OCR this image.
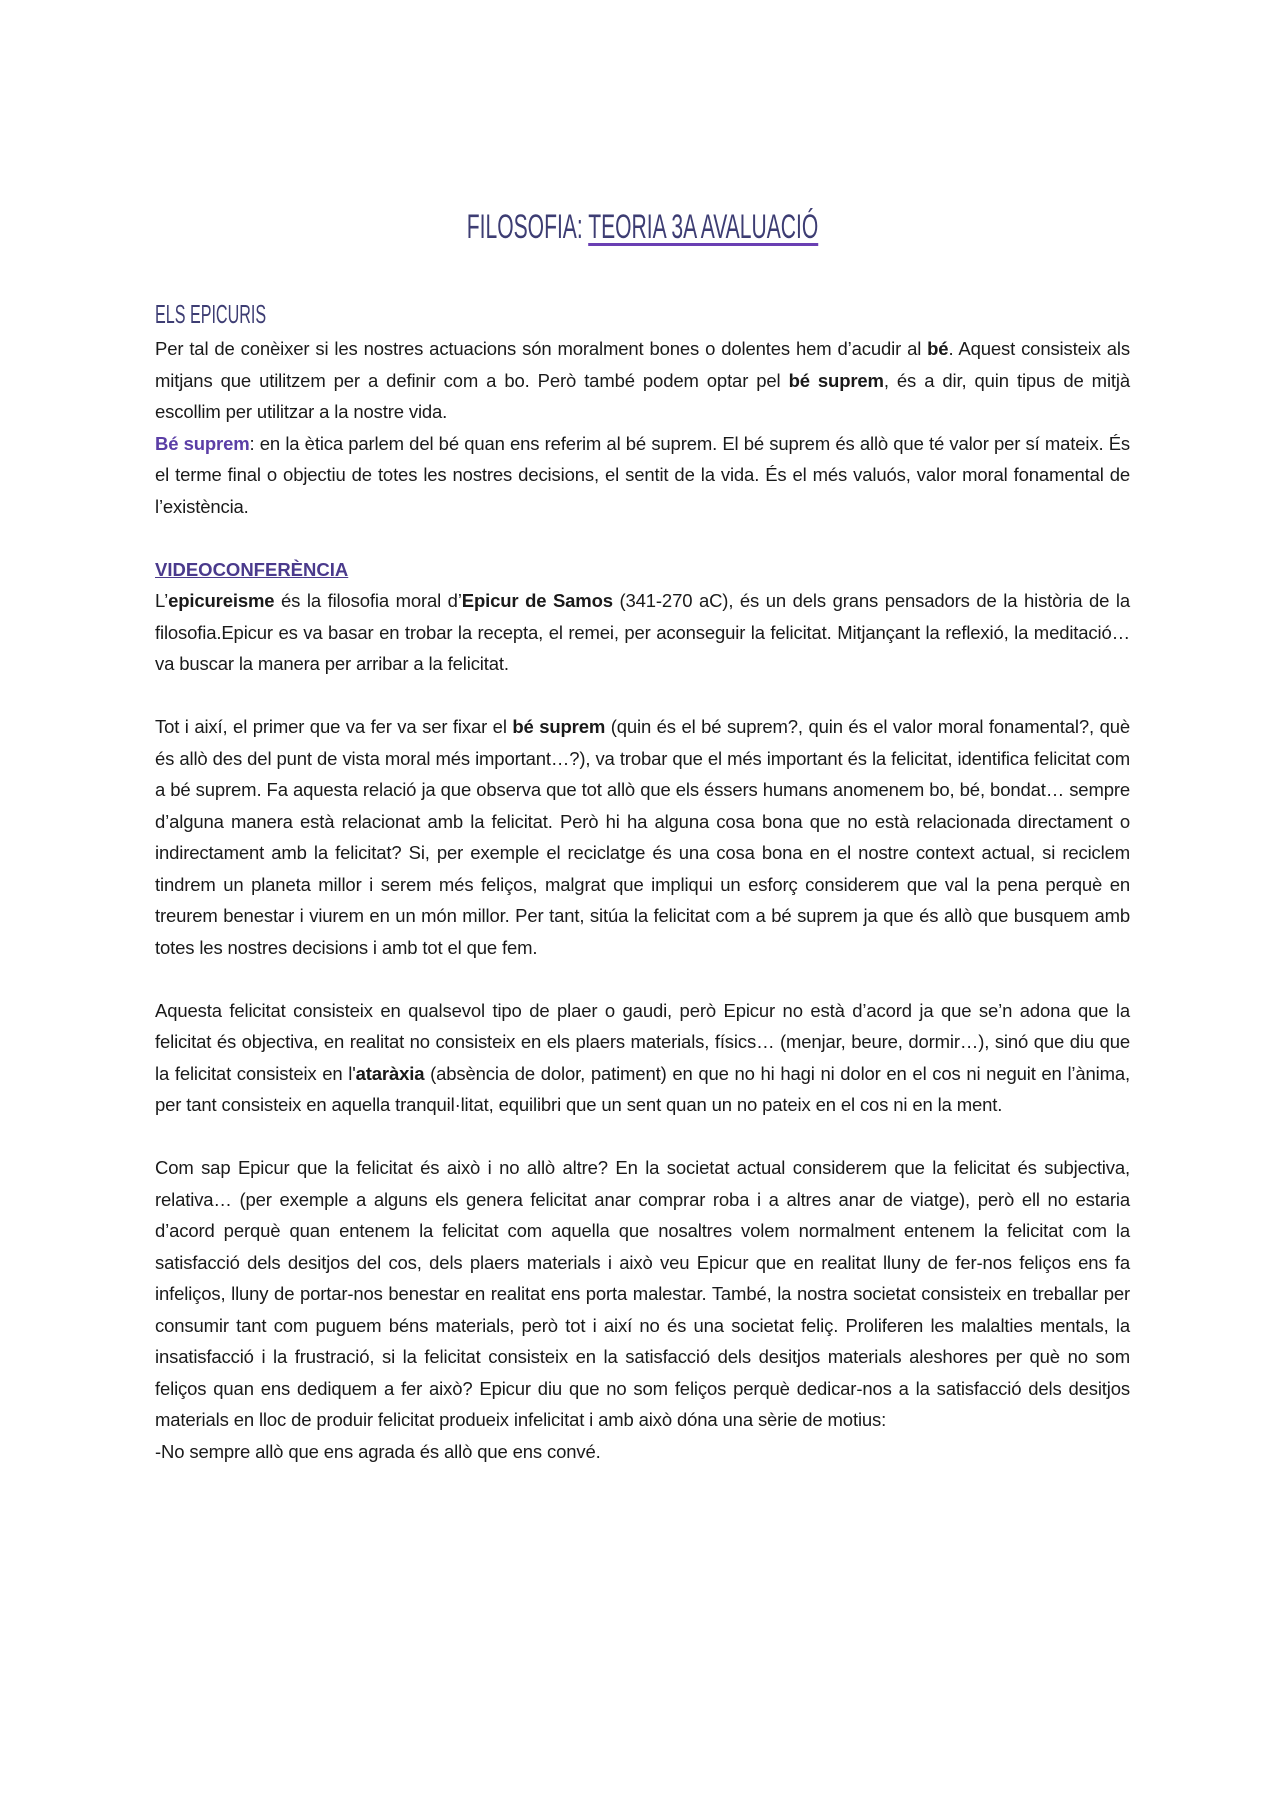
FILOSOFIA: TEORIA 3A AVALUACIÓ
ELS EPICURIS

Per tal de conèixer si les nostres actuacions són moralment bones o dolentes hem d’acudir al bé. Aquest consisteix als mitjans que utilitzem per a definir com a bo. Però també podem optar pel bé suprem, és a dir, quin tipus de mitjà escollim per utilitzar a la nostre vida.

Bé suprem: en la ètica parlem del bé quan ens referim al bé suprem. El bé suprem és allò que té valor per sí mateix. És el terme final o objectiu de totes les nostres decisions, el sentit de la vida. És el més valuós, valor moral fonamental de l’existència.

VIDEOCONFERÈNCIA

L’epicureisme és la filosofia moral d’Epicur de Samos (341-270 aC), és un dels grans pensadors de la història de la filosofia.Epicur es va basar en trobar la recepta, el remei, per aconseguir la felicitat. Mitjançant la reflexió, la meditació… va buscar la manera per arribar a la felicitat.

Tot i així, el primer que va fer va ser fixar el bé suprem (quin és el bé suprem?, quin és el valor moral fonamental?, què és allò des del punt de vista moral més important…?), va trobar que el més important és la felicitat, identifica felicitat com a bé suprem. Fa aquesta relació ja que observa que tot allò que els éssers humans anomenem bo, bé, bondat… sempre d’alguna manera està relacionat amb la felicitat. Però hi ha alguna cosa bona que no està relacionada directament o indirectament amb la felicitat? Si, per exemple el reciclatge és una cosa bona en el nostre context actual, si reciclem tindrem un planeta millor i serem més feliços, malgrat que impliqui un esforç considerem que val la pena perquè en treurem benestar i viurem en un món millor. Per tant, sitúa la felicitat com a bé suprem ja que és allò que busquem amb totes les nostres decisions i amb tot el que fem.

Aquesta felicitat consisteix en qualsevol tipo de plaer o gaudi, però Epicur no està d’acord ja que se’n adona que la felicitat és objectiva, en realitat no consisteix en els plaers materials, físics… (menjar, beure, dormir…), sinó que diu que la felicitat consisteix en l'ataràxia (absència de dolor, patiment) en que no hi hagi ni dolor en el cos ni neguit en l’ànima, per tant consisteix en aquella tranquil·litat, equilibri que un sent quan un no pateix en el cos ni en la ment.

Com sap Epicur que la felicitat és això i no allò altre? En la societat actual considerem que la felicitat és subjectiva, relativa… (per exemple a alguns els genera felicitat anar comprar roba i a altres anar de viatge), però ell no estaria d’acord perquè quan entenem la felicitat com aquella que nosaltres volem normalment entenem la felicitat com la satisfacció dels desitjos del cos, dels plaers materials i això veu Epicur que en realitat lluny de fer-nos feliços ens fa infeliços, lluny de portar-nos benestar en realitat ens porta malestar. També, la nostra societat consisteix en treballar per consumir tant com puguem béns materials, però tot i així no és una societat feliç. Proliferen les malalties mentals, la insatisfacció i la frustració, si la felicitat consisteix en la satisfacció dels desitjos materials aleshores per què no som feliços quan ens dediquem a fer això? Epicur diu que no som feliços perquè dedicar-nos a la satisfacció dels desitjos materials en lloc de produir felicitat produeix infelicitat i amb això dóna una sèrie de motius:

-No sempre allò que ens agrada és allò que ens convé.
